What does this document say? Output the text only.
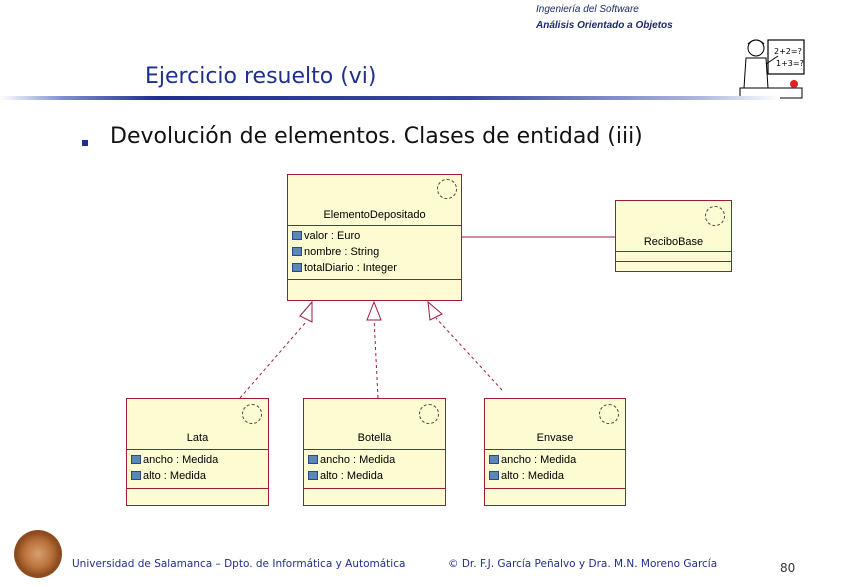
Ingeniería del Software
Análisis Orientado a Objetos
2+2=?
1+3=?
Ejercicio resuelto (vi)
Devolución de elementos. Clases de entidad (iii)
ElementoDepositado
valor : Euro
nombre : String
totalDiario : Integer
ReciboBase
Lata
ancho : Medida
alto : Medida
Botella
ancho : Medida
alto : Medida
Envase
ancho : Medida
alto : Medida
Universidad de Salamanca – Dpto. de Informática y Automática	© Dr. F.J. García Peñalvo y Dra. M.N. Moreno García	80
